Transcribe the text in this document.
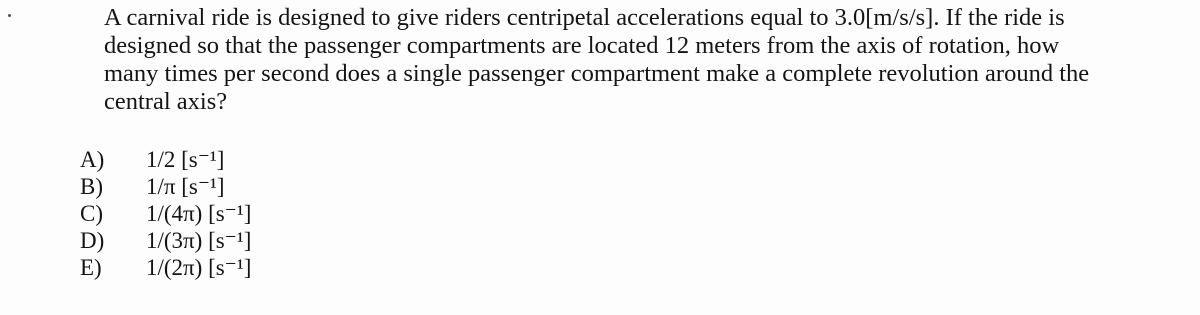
A carnival ride is designed to give riders centripetal accelerations equal to 3.0[m/s/s]. If the ride is
designed so that the passenger compartments are located 12 meters from the axis of rotation, how
many times per second does a single passenger compartment make a complete revolution around the
central axis?

A)	1/2 [s⁻¹]
B)	1/π [s⁻¹]
C)	1/(4π) [s⁻¹]
D)	1/(3π) [s⁻¹]
E)	1/(2π) [s⁻¹]
